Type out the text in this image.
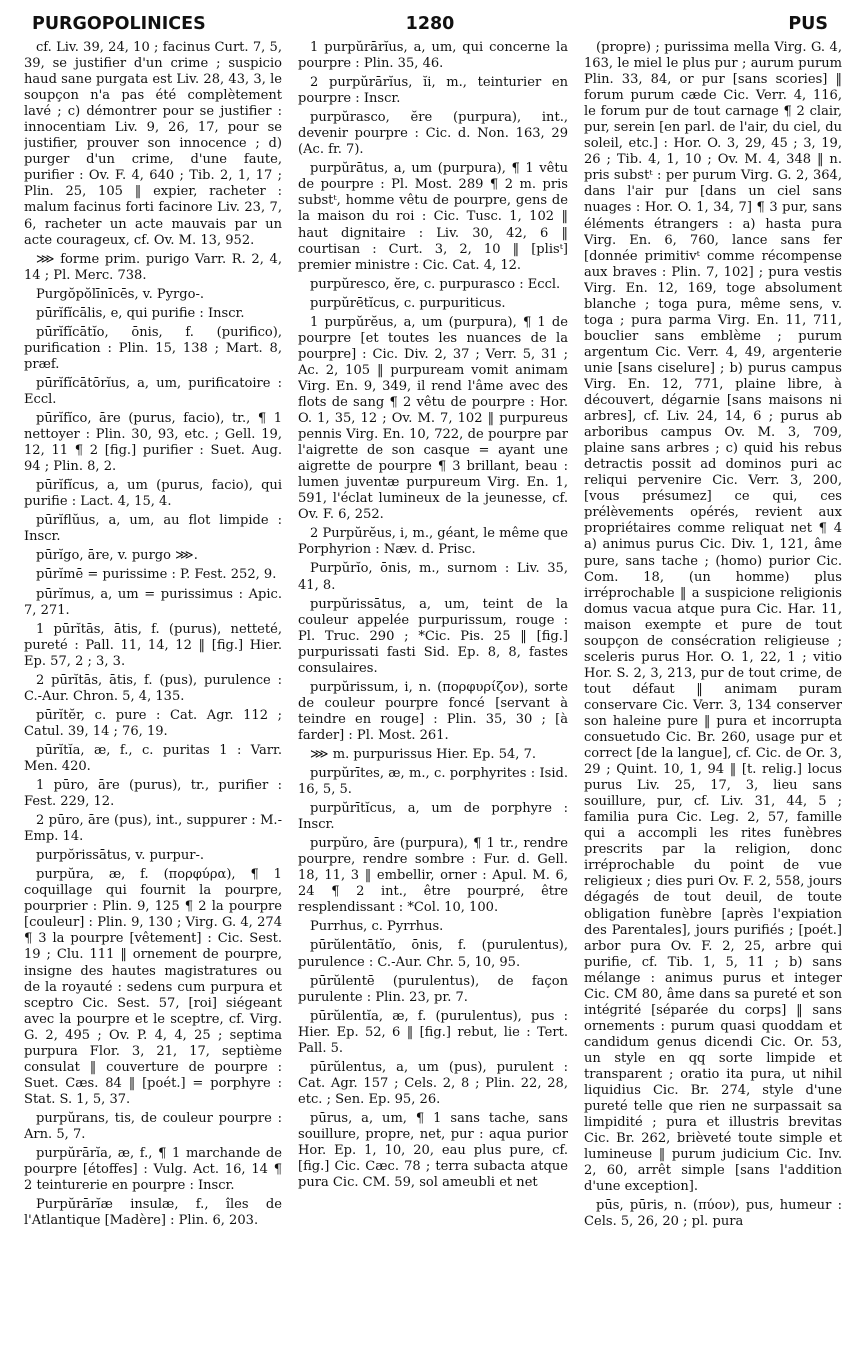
PURGOPOLINICES	1280	PUS

cf. Liv. 39, 24, 10 ; facinus Curt. 7, 5, 39, se justifier d'un crime ; suspicio haud sane purgata est Liv. 28, 43, 3, le soupçon n'a pas été complètement lavé ; c) démontrer pour se justifier : innocentiam Liv. 9, 26, 17, pour se justifier, prouver son innocence ; d) purger d'un crime, d'une faute, purifier : Ov. F. 4, 640 ; Tib. 2, 1, 17 ; Plin. 25, 105 ‖ expier, racheter : malum facinus forti facinore Liv. 23, 7, 6, racheter un acte mauvais par un acte courageux, cf. Ov. M. 13, 952.

⋙ forme prim. purigo Varr. R. 2, 4, 14 ; Pl. Merc. 738.

Purgŏpŏlīnīcēs, v. Pyrgo-.

pūrĭfĭcālis, e, qui purifie : Inscr.

pūrĭfĭcātĭo, ōnis, f. (purifico), purification : Plin. 15, 138 ; Mart. 8, præf.

pūrĭfĭcātōrĭus, a, um, purificatoire : Eccl.

pūrĭfĭco, āre (purus, facio), tr., ¶ 1 nettoyer : Plin. 30, 93, etc. ; Gell. 19, 12, 11 ¶ 2 [fig.] purifier : Suet. Aug. 94 ; Plin. 8, 2.

pūrĭfĭcus, a, um (purus, facio), qui purifie : Lact. 4, 15, 4.

pūrĭflŭus, a, um, au flot limpide : Inscr.

pūrĭgo, āre, v. purgo ⋙.

pūrĭmē = purissime : P. Fest. 252, 9.

pūrĭmus, a, um = purissimus : Apic. 7, 271.

1 pūrĭtās, ātis, f. (purus), netteté, pureté : Pall. 11, 14, 12 ‖ [fig.] Hier. Ep. 57, 2 ; 3, 3.

2 pūrĭtās, ātis, f. (pus), purulence : C.-Aur. Chron. 5, 4, 135.

pūrĭtĕr, c. pure : Cat. Agr. 112 ; Catul. 39, 14 ; 76, 19.

pūrĭtĭa, æ, f., c. puritas 1 : Varr. Men. 420.

1 pūro, āre (purus), tr., purifier : Fest. 229, 12.

2 pūro, āre (pus), int., suppurer : M.-Emp. 14.

purpŏrissātus, v. purpur-.

purpŭra, æ, f. (πορφύρα), ¶ 1 coquillage qui fournit la pourpre, pourprier : Plin. 9, 125 ¶ 2 la pourpre [couleur] : Plin. 9, 130 ; Virg. G. 4, 274 ¶ 3 la pourpre [vêtement] : Cic. Sest. 19 ; Clu. 111 ‖ ornement de pourpre, insigne des hautes magistratures ou de la royauté : sedens cum purpura et sceptro Cic. Sest. 57, [roi] siégeant avec la pourpre et le sceptre, cf. Virg. G. 2, 495 ; Ov. P. 4, 4, 25 ; septima purpura Flor. 3, 21, 17, septième consulat ‖ couverture de pourpre : Suet. Cæs. 84 ‖ [poét.] = porphyre : Stat. S. 1, 5, 37.

purpŭrans, tis, de couleur pourpre : Arn. 5, 7.

purpŭrārĭa, æ, f., ¶ 1 marchande de pourpre [étoffes] : Vulg. Act. 16, 14 ¶ 2 teinturerie en pourpre : Inscr.

Purpŭrārĭæ insulæ, f., îles de l'Atlantique [Madère] : Plin. 6, 203.

1 purpŭrārĭus, a, um, qui concerne la pourpre : Plin. 35, 46.

2 purpŭrārĭus, ĭi, m., teinturier en pourpre : Inscr.

purpŭrasco, ĕre (purpura), int., devenir pourpre : Cic. d. Non. 163, 29 (Ac. fr. 7).

purpŭrātus, a, um (purpura), ¶ 1 vêtu de pourpre : Pl. Most. 289 ¶ 2 m. pris substᵗ, homme vêtu de pourpre, gens de la maison du roi : Cic. Tusc. 1, 102 ‖ haut dignitaire : Liv. 30, 42, 6 ‖ courtisan : Curt. 3, 2, 10 ‖ [plisᵗ] premier ministre : Cic. Cat. 4, 12.

purpŭresco, ĕre, c. purpurasco : Eccl.

purpŭrētĭcus, c. purpuriticus.

1 purpŭrĕus, a, um (purpura), ¶ 1 de pourpre [et toutes les nuances de la pourpre] : Cic. Div. 2, 37 ; Verr. 5, 31 ; Ac. 2, 105 ‖ purpuream vomit animam Virg. En. 9, 349, il rend l'âme avec des flots de sang ¶ 2 vêtu de pourpre : Hor. O. 1, 35, 12 ; Ov. M. 7, 102 ‖ purpureus pennis Virg. En. 10, 722, de pourpre par l'aigrette de son casque = ayant une aigrette de pourpre ¶ 3 brillant, beau : lumen juventæ purpureum Virg. En. 1, 591, l'éclat lumineux de la jeunesse, cf. Ov. F. 6, 252.

2 Purpŭrĕus, i, m., géant, le même que Porphyrion : Næv. d. Prisc.

Purpŭrĭo, ōnis, m., surnom : Liv. 35, 41, 8.

purpŭrissātus, a, um, teint de la couleur appelée purpurissum, rouge : Pl. Truc. 290 ; *Cic. Pis. 25 ‖ [fig.] purpurissati fasti Sid. Ep. 8, 8, fastes consulaires.

purpŭrissum, i, n. (πορφυρίζον), sorte de couleur pourpre foncé [servant à teindre en rouge] : Plin. 35, 30 ; [à farder] : Pl. Most. 261.

⋙ m. purpurissus Hier. Ep. 54, 7.

purpŭrītes, æ, m., c. porphyrites : Isid. 16, 5, 5.

purpŭrītĭcus, a, um de porphyre : Inscr.

purpŭro, āre (purpura), ¶ 1 tr., rendre pourpre, rendre sombre : Fur. d. Gell. 18, 11, 3 ‖ embellir, orner : Apul. M. 6, 24 ¶ 2 int., être pourpré, être resplendissant : *Col. 10, 100.

Purrhus, c. Pyrrhus.

pūrŭlentātĭo, ōnis, f. (purulentus), purulence : C.-Aur. Chr. 5, 10, 95.

pūrŭlentē (purulentus), de façon purulente : Plin. 23, pr. 7.

pūrŭlentĭa, æ, f. (purulentus), pus : Hier. Ep. 52, 6 ‖ [fig.] rebut, lie : Tert. Pall. 5.

pūrŭlentus, a, um (pus), purulent : Cat. Agr. 157 ; Cels. 2, 8 ; Plin. 22, 28, etc. ; Sen. Ep. 95, 26.

pūrus, a, um, ¶ 1 sans tache, sans souillure, propre, net, pur : aqua purior Hor. Ep. 1, 10, 20, eau plus pure, cf. [fig.] Cic. Cæc. 78 ; terra subacta atque pura Cic. CM. 59, sol ameubli et net

(propre) ; purissima mella Virg. G. 4, 163, le miel le plus pur ; aurum purum Plin. 33, 84, or pur [sans scories] ‖ forum purum cæde Cic. Verr. 4, 116, le forum pur de tout carnage ¶ 2 clair, pur, serein [en parl. de l'air, du ciel, du soleil, etc.] : Hor. O. 3, 29, 45 ; 3, 19, 26 ; Tib. 4, 1, 10 ; Ov. M. 4, 348 ‖ n. pris substᵗ : per purum Virg. G. 2, 364, dans l'air pur [dans un ciel sans nuages : Hor. O. 1, 34, 7] ¶ 3 pur, sans éléments étrangers : a) hasta pura Virg. En. 6, 760, lance sans fer [donnée primitivᵗ comme récompense aux braves : Plin. 7, 102] ; pura vestis Virg. En. 12, 169, toge absolument blanche ; toga pura, même sens, v. toga ; pura parma Virg. En. 11, 711, bouclier sans emblème ; purum argentum Cic. Verr. 4, 49, argenterie unie [sans ciselure] ; b) purus campus Virg. En. 12, 771, plaine libre, à découvert, dégarnie [sans maisons ni arbres], cf. Liv. 24, 14, 6 ; purus ab arboribus campus Ov. M. 3, 709, plaine sans arbres ; c) quid his rebus detractis possit ad dominos puri ac reliqui pervenire Cic. Verr. 3, 200, [vous présumez] ce qui, ces prélèvements opérés, revient aux propriétaires comme reliquat net ¶ 4 a) animus purus Cic. Div. 1, 121, âme pure, sans tache ; (homo) purior Cic. Com. 18, (un homme) plus irréprochable ‖ a suspicione religionis domus vacua atque pura Cic. Har. 11, maison exempte et pure de tout soupçon de consécration religieuse ; sceleris purus Hor. O. 1, 22, 1 ; vitio Hor. S. 2, 3, 213, pur de tout crime, de tout défaut ‖ animam puram conservare Cic. Verr. 3, 134 conserver son haleine pure ‖ pura et incorrupta consuetudo Cic. Br. 260, usage pur et correct [de la langue], cf. Cic. de Or. 3, 29 ; Quint. 10, 1, 94 ‖ [t. relig.] locus purus Liv. 25, 17, 3, lieu sans souillure, pur, cf. Liv. 31, 44, 5 ; familia pura Cic. Leg. 2, 57, famille qui a accompli les rites funèbres prescrits par la religion, donc irréprochable du point de vue religieux ; dies puri Ov. F. 2, 558, jours dégagés de tout deuil, de toute obligation funèbre [après l'expiation des Parentales], jours purifiés ; [poét.] arbor pura Ov. F. 2, 25, arbre qui purifie, cf. Tib. 1, 5, 11 ; b) sans mélange : animus purus et integer Cic. CM 80, âme dans sa pureté et son intégrité [séparée du corps] ‖ sans ornements : purum quasi quoddam et candidum genus dicendi Cic. Or. 53, un style en qq sorte limpide et transparent ; oratio ita pura, ut nihil liquidius Cic. Br. 274, style d'une pureté telle que rien ne surpassait sa limpidité ; pura et illustris brevitas Cic. Br. 262, brièveté toute simple et lumineuse ‖ purum judicium Cic. Inv. 2, 60, arrêt simple [sans l'addition d'une exception].

pūs, pūris, n. (πύον), pus, humeur : Cels. 5, 26, 20 ; pl. pura
